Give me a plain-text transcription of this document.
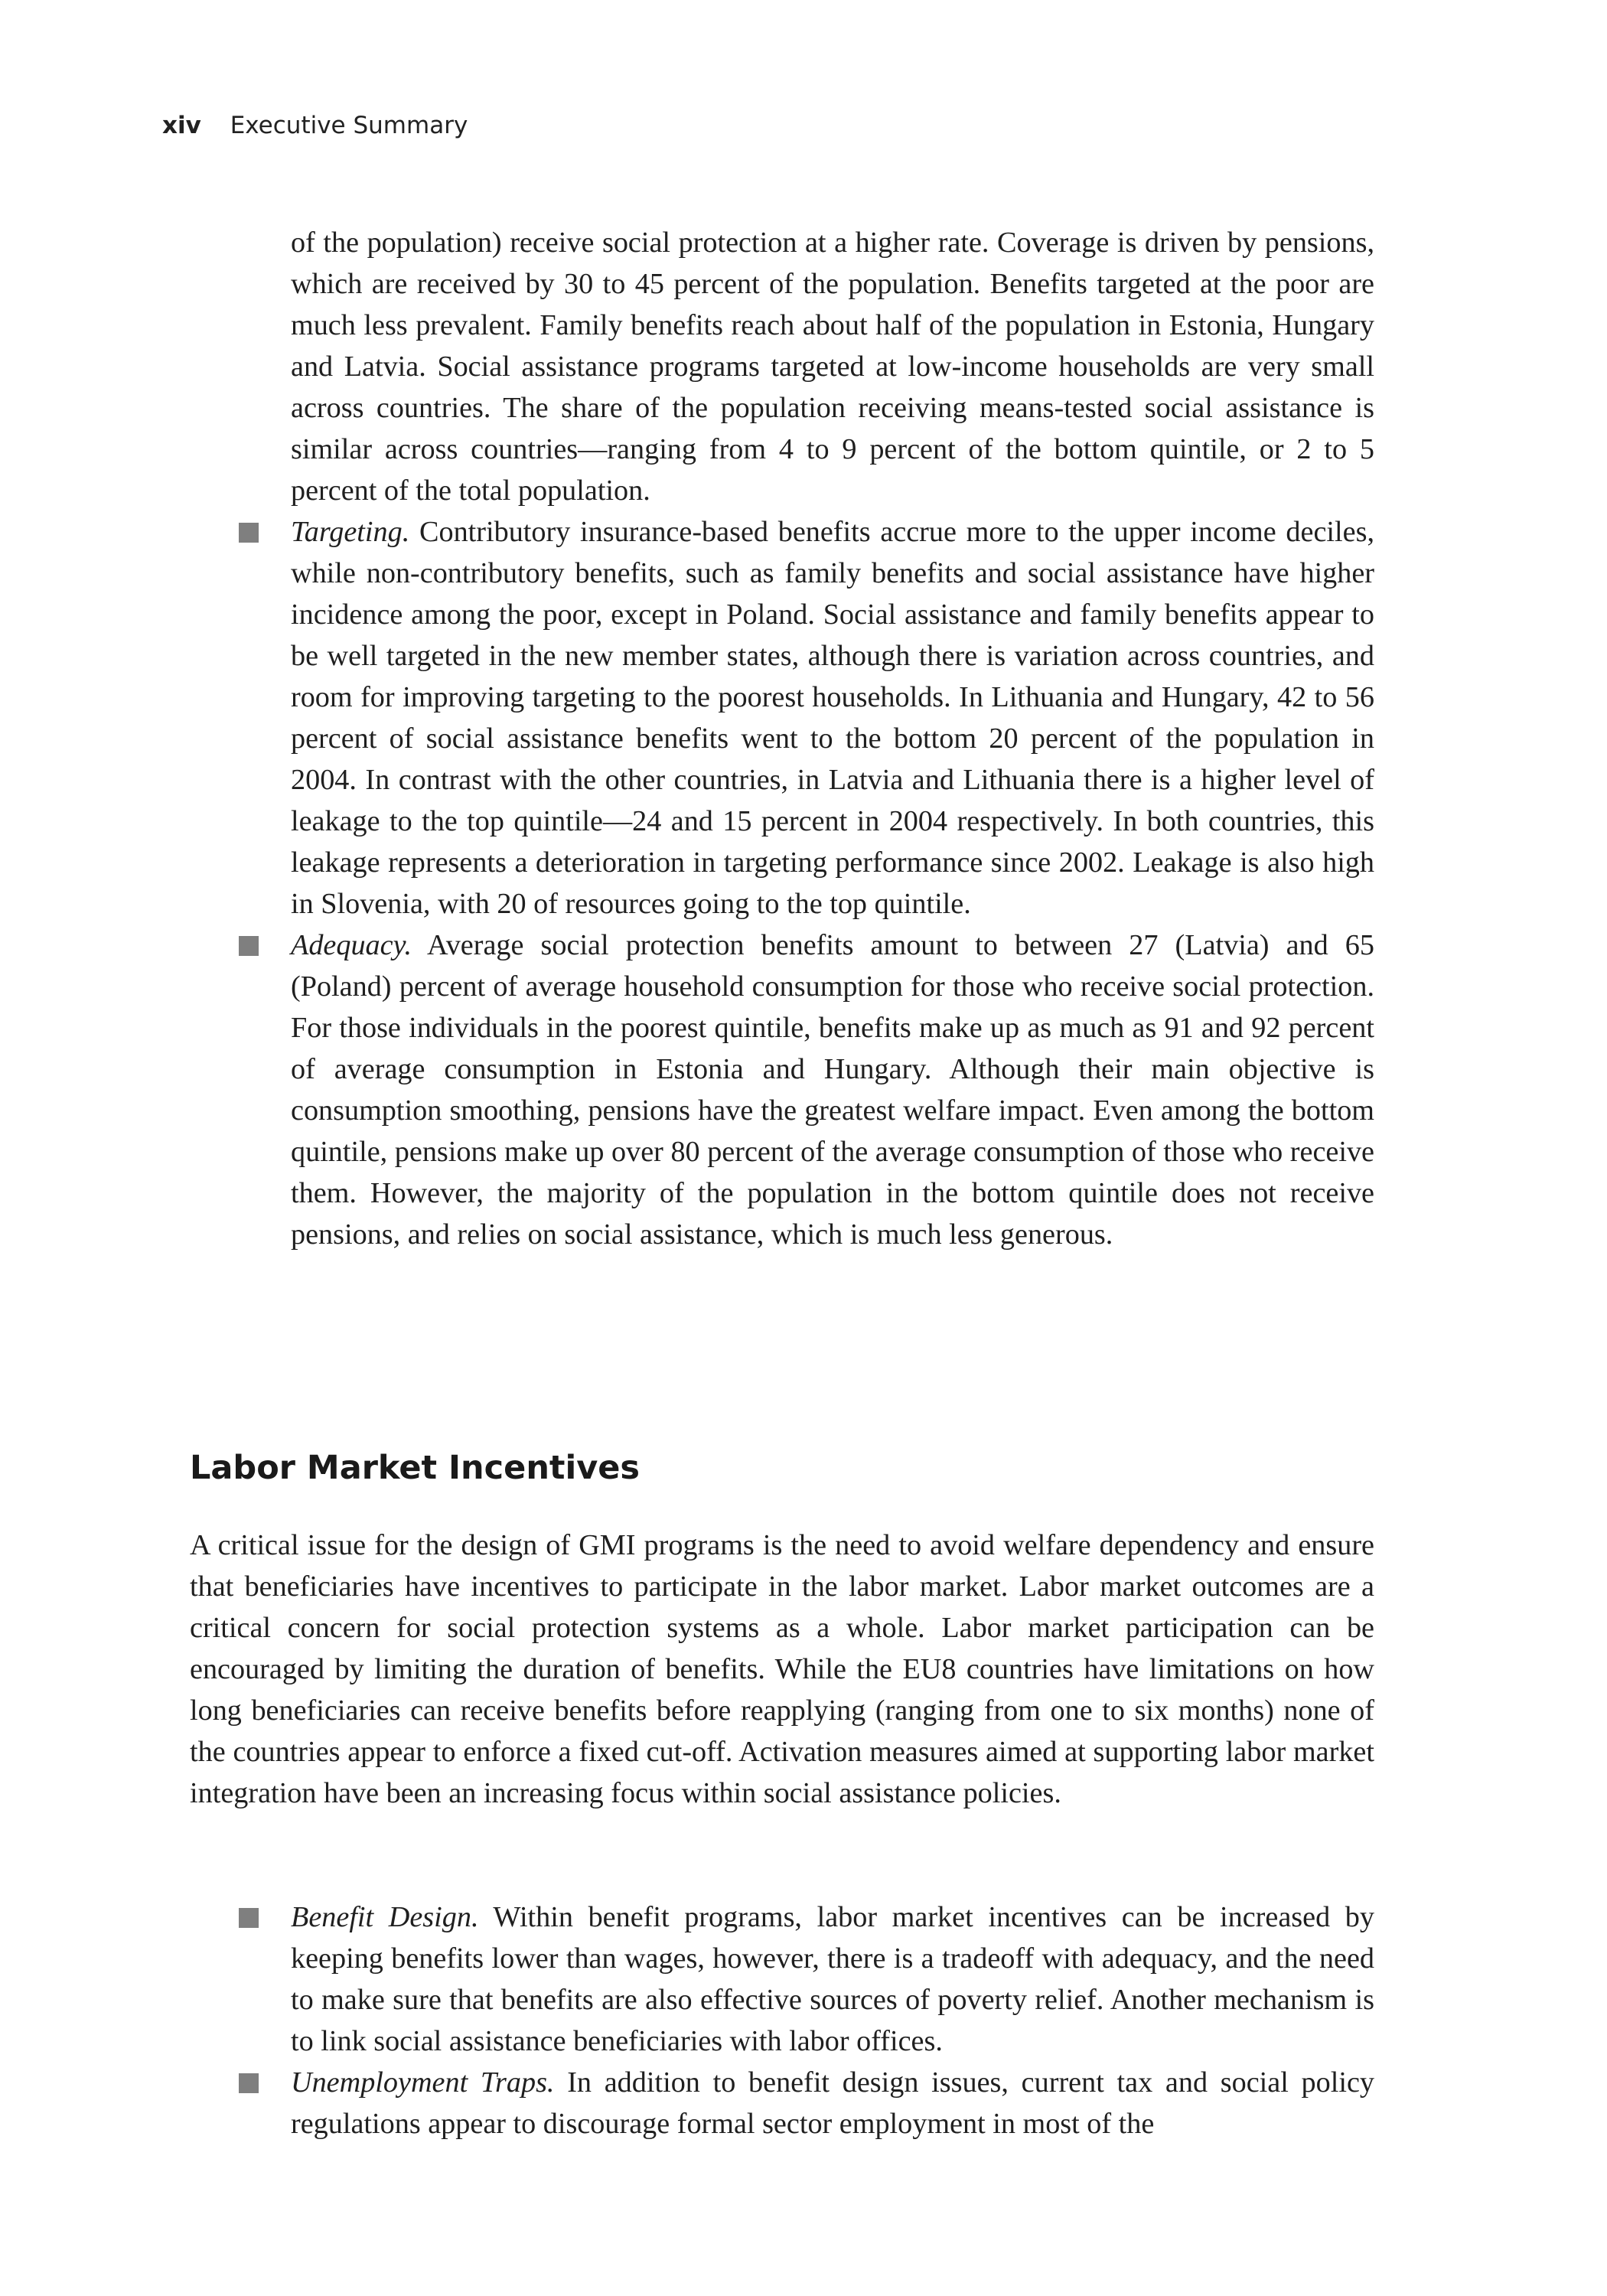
xiv Executive Summary

of the population) receive social protection at a higher rate. Coverage is driven by pensions, which are received by 30 to 45 percent of the population. Benefits targeted at the poor are much less prevalent. Family benefits reach about half of the population in Estonia, Hungary and Latvia. Social assistance programs targeted at low-income households are very small across countries. The share of the population receiving means-tested social assistance is similar across countries—ranging from 4 to 9 percent of the bottom quintile, or 2 to 5 percent of the total population.

Targeting. Contributory insurance-based benefits accrue more to the upper income deciles, while non-contributory benefits, such as family benefits and social assistance have higher incidence among the poor, except in Poland. Social assistance and family benefits appear to be well targeted in the new member states, although there is variation across countries, and room for improving targeting to the poorest households. In Lithuania and Hungary, 42 to 56 percent of social assistance benefits went to the bottom 20 percent of the population in 2004. In contrast with the other countries, in Latvia and Lithuania there is a higher level of leakage to the top quintile—24 and 15 percent in 2004 respectively. In both countries, this leakage represents a deterioration in targeting performance since 2002. Leakage is also high in Slovenia, with 20 of resources going to the top quintile.
Adequacy. Average social protection benefits amount to between 27 (Latvia) and 65 (Poland) percent of average household consumption for those who receive social protection. For those individuals in the poorest quintile, benefits make up as much as 91 and 92 percent of average consumption in Estonia and Hungary. Although their main objective is consumption smoothing, pensions have the greatest welfare impact. Even among the bottom quintile, pensions make up over 80 percent of the average consumption of those who receive them. However, the majority of the population in the bottom quintile does not receive pensions, and relies on social assistance, which is much less generous.
Labor Market Incentives

A critical issue for the design of GMI programs is the need to avoid welfare dependency and ensure that beneficiaries have incentives to participate in the labor market. Labor market outcomes are a critical concern for social protection systems as a whole. Labor market participation can be encouraged by limiting the duration of benefits. While the EU8 countries have limitations on how long beneficiaries can receive benefits before reapplying (ranging from one to six months) none of the countries appear to enforce a fixed cut-off. Activation measures aimed at supporting labor market integration have been an increasing focus within social assistance policies.

Benefit Design. Within benefit programs, labor market incentives can be increased by keeping benefits lower than wages, however, there is a tradeoff with adequacy, and the need to make sure that benefits are also effective sources of poverty relief. Another mechanism is to link social assistance beneficiaries with labor offices.
Unemployment Traps. In addition to benefit design issues, current tax and social policy regulations appear to discourage formal sector employment in most of the
